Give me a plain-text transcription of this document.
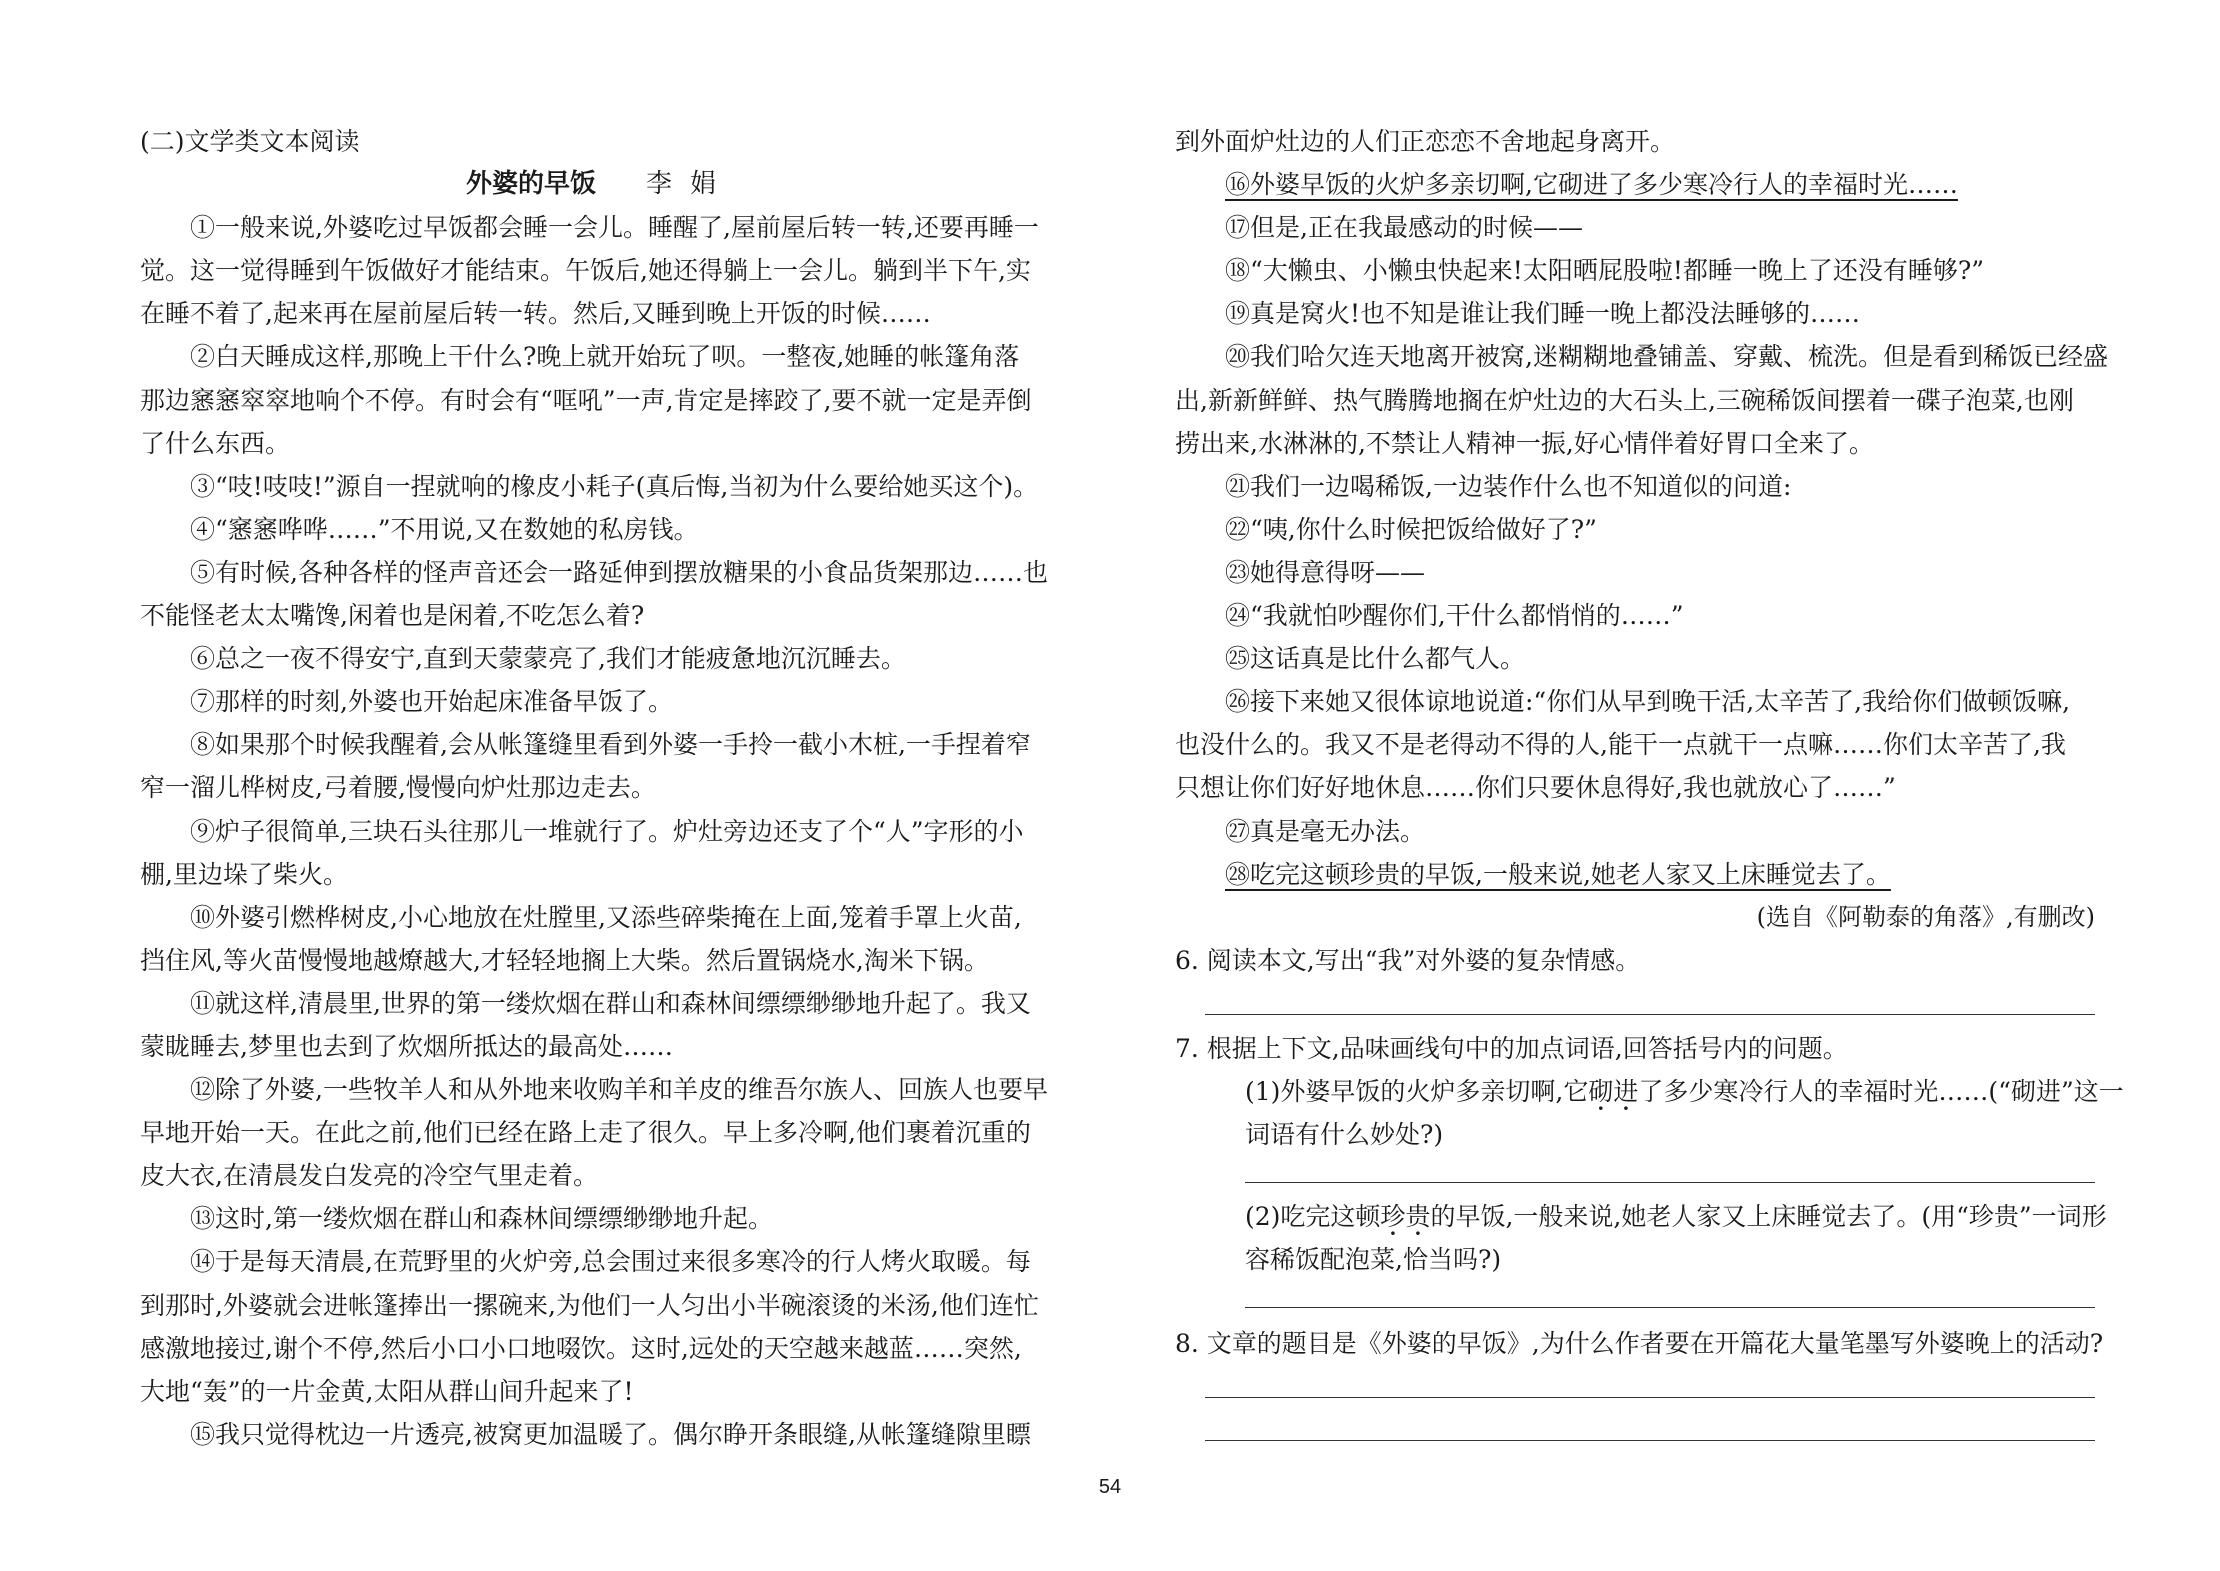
(二)文学类文本阅读
外婆的早饭 李娟
①一般来说,外婆吃过早饭都会睡一会儿。睡醒了,屋前屋后转一转,还要再睡一
觉。这一觉得睡到午饭做好才能结束。午饭后,她还得躺上一会儿。躺到半下午,实
在睡不着了,起来再在屋前屋后转一转。然后,又睡到晚上开饭的时候……
②白天睡成这样,那晚上干什么?晚上就开始玩了呗。一整夜,她睡的帐篷角落
那边窸窸窣窣地响个不停。有时会有“哐吼”一声,肯定是摔跤了,要不就一定是弄倒
了什么东西。
③“吱!吱吱!”源自一捏就响的橡皮小耗子(真后悔,当初为什么要给她买这个)。
④“窸窸哗哗……”不用说,又在数她的私房钱。
⑤有时候,各种各样的怪声音还会一路延伸到摆放糖果的小食品货架那边……也
不能怪老太太嘴馋,闲着也是闲着,不吃怎么着?
⑥总之一夜不得安宁,直到天蒙蒙亮了,我们才能疲惫地沉沉睡去。
⑦那样的时刻,外婆也开始起床准备早饭了。
⑧如果那个时候我醒着,会从帐篷缝里看到外婆一手拎一截小木桩,一手捏着窄
窄一溜儿桦树皮,弓着腰,慢慢向炉灶那边走去。
⑨炉子很简单,三块石头往那儿一堆就行了。炉灶旁边还支了个“人”字形的小
棚,里边垛了柴火。
⑩外婆引燃桦树皮,小心地放在灶膛里,又添些碎柴掩在上面,笼着手罩上火苗,
挡住风,等火苗慢慢地越燎越大,才轻轻地搁上大柴。然后置锅烧水,淘米下锅。
⑪就这样,清晨里,世界的第一缕炊烟在群山和森林间缥缥缈缈地升起了。我又
蒙眬睡去,梦里也去到了炊烟所抵达的最高处……
⑫除了外婆,一些牧羊人和从外地来收购羊和羊皮的维吾尔族人、回族人也要早
早地开始一天。在此之前,他们已经在路上走了很久。早上多冷啊,他们裹着沉重的
皮大衣,在清晨发白发亮的冷空气里走着。
⑬这时,第一缕炊烟在群山和森林间缥缥缈缈地升起。
⑭于是每天清晨,在荒野里的火炉旁,总会围过来很多寒冷的行人烤火取暖。每
到那时,外婆就会进帐篷捧出一摞碗来,为他们一人匀出小半碗滚烫的米汤,他们连忙
感激地接过,谢个不停,然后小口小口地啜饮。这时,远处的天空越来越蓝……突然,
大地“轰”的一片金黄,太阳从群山间升起来了!
⑮我只觉得枕边一片透亮,被窝更加温暖了。偶尔睁开条眼缝,从帐篷缝隙里瞟
到外面炉灶边的人们正恋恋不舍地起身离开。
⑯外婆早饭的火炉多亲切啊,它砌进了多少寒冷行人的幸福时光……
⑰但是,正在我最感动的时候——
⑱“大懒虫、小懒虫快起来!太阳晒屁股啦!都睡一晚上了还没有睡够?”
⑲真是窝火!也不知是谁让我们睡一晚上都没法睡够的……
⑳我们哈欠连天地离开被窝,迷糊糊地叠铺盖、穿戴、梳洗。但是看到稀饭已经盛
出,新新鲜鲜、热气腾腾地搁在炉灶边的大石头上,三碗稀饭间摆着一碟子泡菜,也刚
捞出来,水淋淋的,不禁让人精神一振,好心情伴着好胃口全来了。
㉑我们一边喝稀饭,一边装作什么也不知道似的问道:
㉒“咦,你什么时候把饭给做好了?”
㉓她得意得呀——
㉔“我就怕吵醒你们,干什么都悄悄的……”
㉕这话真是比什么都气人。
㉖接下来她又很体谅地说道:“你们从早到晚干活,太辛苦了,我给你们做顿饭嘛,
也没什么的。我又不是老得动不得的人,能干一点就干一点嘛……你们太辛苦了,我
只想让你们好好地休息……你们只要休息得好,我也就放心了……”
㉗真是毫无办法。
㉘吃完这顿珍贵的早饭,一般来说,她老人家又上床睡觉去了。
(选自《阿勒泰的角落》,有删改)
6. 阅读本文,写出“我”对外婆的复杂情感。
7. 根据上下文,品味画线句中的加点词语,回答括号内的问题。
(1)外婆早饭的火炉多亲切啊,它砌进了多少寒冷行人的幸福时光……(“砌进”这一
词语有什么妙处?)
(2)吃完这顿珍贵的早饭,一般来说,她老人家又上床睡觉去了。(用“珍贵”一词形
容稀饭配泡菜,恰当吗?)
8. 文章的题目是《外婆的早饭》,为什么作者要在开篇花大量笔墨写外婆晚上的活动?
54
